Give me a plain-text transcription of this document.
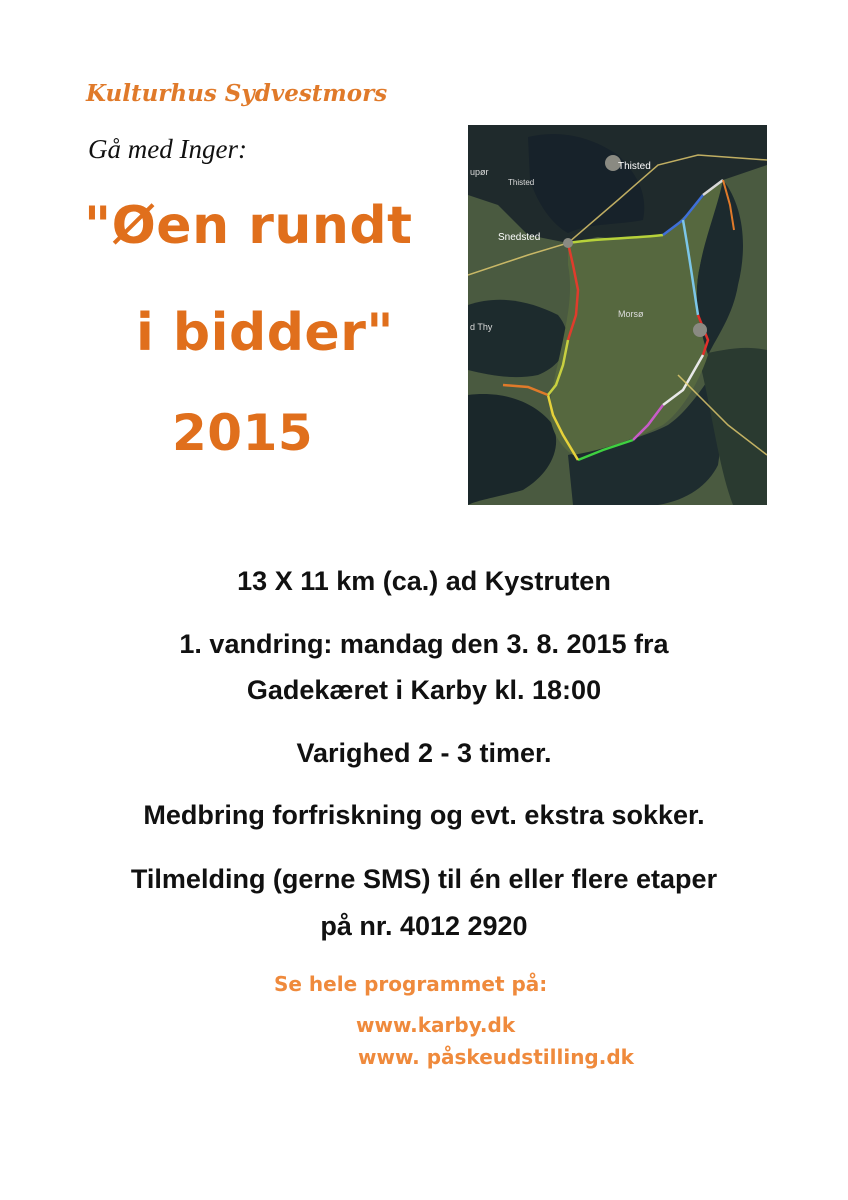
Kulturhus Sydvestmors
Gå med Inger:
"Øen rundt
i bidder"
2015
Thisted
Thisted
Snedsted
Morsø
upør
d Thy
13 X 11 km (ca.) ad Kystruten
1. vandring: mandag den 3. 8. 2015 fra
Gadekæret i Karby kl. 18:00
Varighed 2 - 3 timer.
Medbring forfriskning og evt. ekstra sokker.
Tilmelding (gerne SMS) til én eller flere etaper
på nr. 4012 2920
Se hele programmet på:
www.karby.dk
www. påskeudstilling.dk
